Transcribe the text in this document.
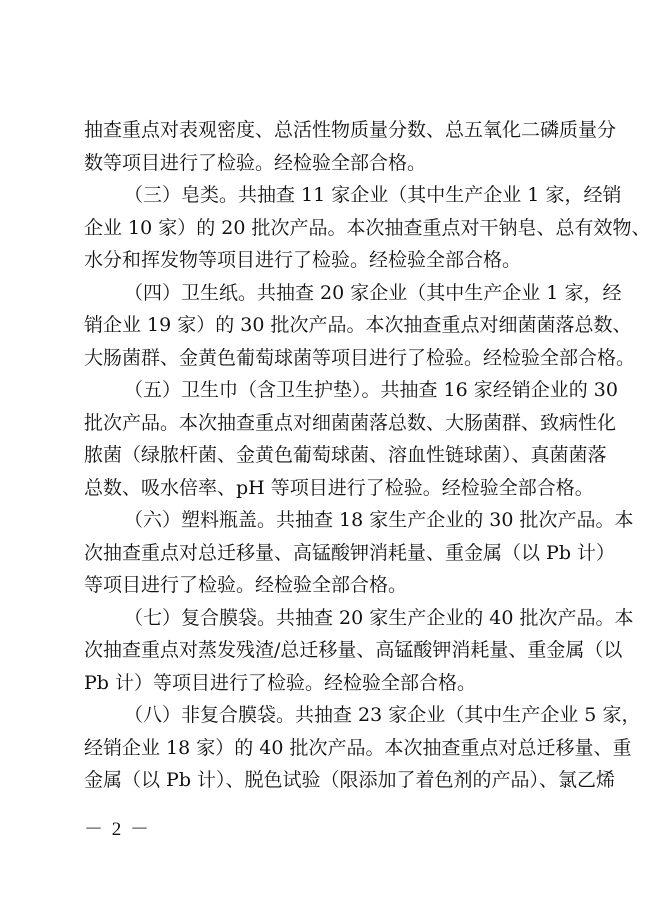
抽查重点对表观密度、总活性物质量分数、总五氧化二磷质量分
数等项目进行了检验。经检验全部合格。
（三）皂类。共抽查 11 家企业（其中生产企业 1 家，经销
企业 10 家）的 20 批次产品。本次抽查重点对干钠皂、总有效物、
水分和挥发物等项目进行了检验。经检验全部合格。
（四）卫生纸。共抽查 20 家企业（其中生产企业 1 家，经
销企业 19 家）的 30 批次产品。本次抽查重点对细菌菌落总数、
大肠菌群、金黄色葡萄球菌等项目进行了检验。经检验全部合格。
（五）卫生巾（含卫生护垫）。共抽查 16 家经销企业的 30
批次产品。本次抽查重点对细菌菌落总数、大肠菌群、致病性化
脓菌（绿脓杆菌、金黄色葡萄球菌、溶血性链球菌）、真菌菌落
总数、吸水倍率、pH 等项目进行了检验。经检验全部合格。
（六）塑料瓶盖。共抽查 18 家生产企业的 30 批次产品。本
次抽查重点对总迁移量、高锰酸钾消耗量、重金属（以 Pb 计）
等项目进行了检验。经检验全部合格。
（七）复合膜袋。共抽查 20 家生产企业的 40 批次产品。本
次抽查重点对蒸发残渣/总迁移量、高锰酸钾消耗量、重金属（以
Pb 计）等项目进行了检验。经检验全部合格。
（八）非复合膜袋。共抽查 23 家企业（其中生产企业 5 家，
经销企业 18 家）的 40 批次产品。本次抽查重点对总迁移量、重
金属（以 Pb 计）、脱色试验（限添加了着色剂的产品）、氯乙烯
－ 2 －
